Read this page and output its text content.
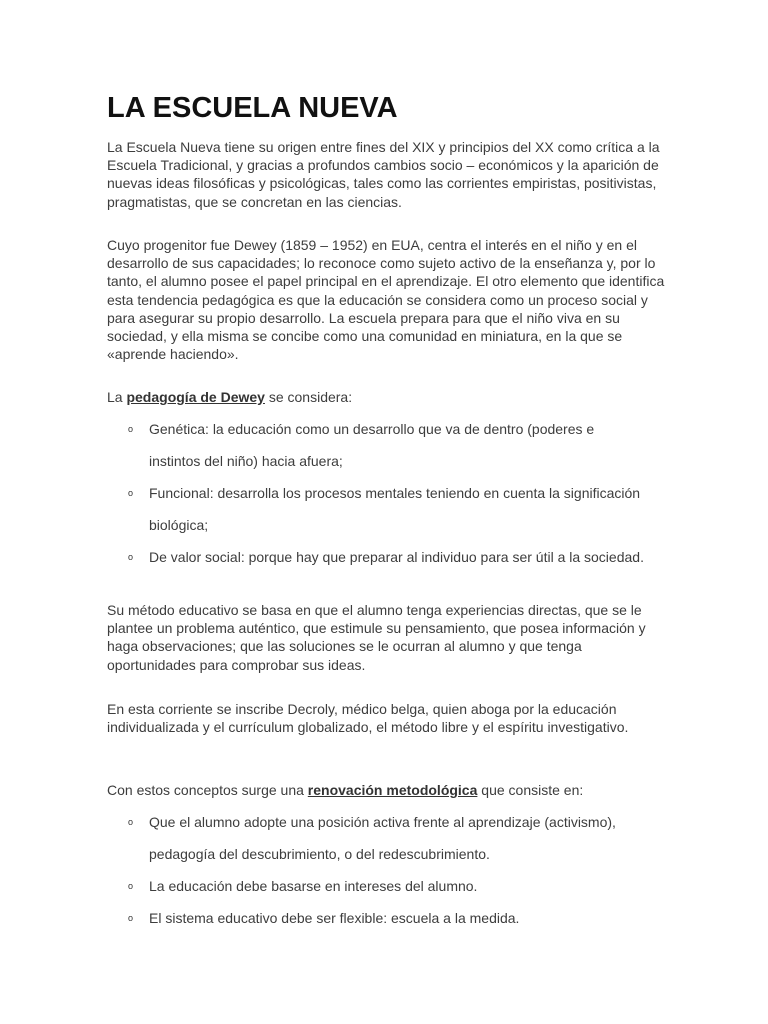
LA ESCUELA NUEVA

La Escuela Nueva tiene su origen entre fines del XIX y principios del XX como crítica a la Escuela Tradicional, y gracias a profundos cambios socio – económicos y la aparición de nuevas ideas filosóficas y psicológicas, tales como las corrientes empiristas, positivistas, pragmatistas, que se concretan en las ciencias.

Cuyo progenitor fue Dewey (1859 – 1952) en EUA, centra el interés en el niño y en el desarrollo de sus capacidades; lo reconoce como sujeto activo de la enseñanza y, por lo tanto, el alumno posee el papel principal en el aprendizaje. El otro elemento que identifica esta tendencia pedagógica es que la educación se considera como un proceso social y para asegurar su propio desarrollo. La escuela prepara para que el niño viva en su sociedad, y ella misma se concibe como una comunidad en miniatura, en la que se «aprende haciendo».

La pedagogía de Dewey se considera:

o Genética: la educación como un desarrollo que va de dentro (poderes e instintos del niño) hacia afuera;
o Funcional: desarrolla los procesos mentales teniendo en cuenta la significación biológica;
o De valor social: porque hay que preparar al individuo para ser útil a la sociedad.

Su método educativo se basa en que el alumno tenga experiencias directas, que se le plantee un problema auténtico, que estimule su pensamiento, que posea información y haga observaciones; que las soluciones se le ocurran al alumno y que tenga oportunidades para comprobar sus ideas.

En esta corriente se inscribe Decroly, médico belga, quien aboga por la educación individualizada y el currículum globalizado, el método libre y el espíritu investigativo.

Con estos conceptos surge una renovación metodológica que consiste en:

o Que el alumno adopte una posición activa frente al aprendizaje (activismo), pedagogía del descubrimiento, o del redescubrimiento.
o La educación debe basarse en intereses del alumno.
o El sistema educativo debe ser flexible: escuela a la medida.
